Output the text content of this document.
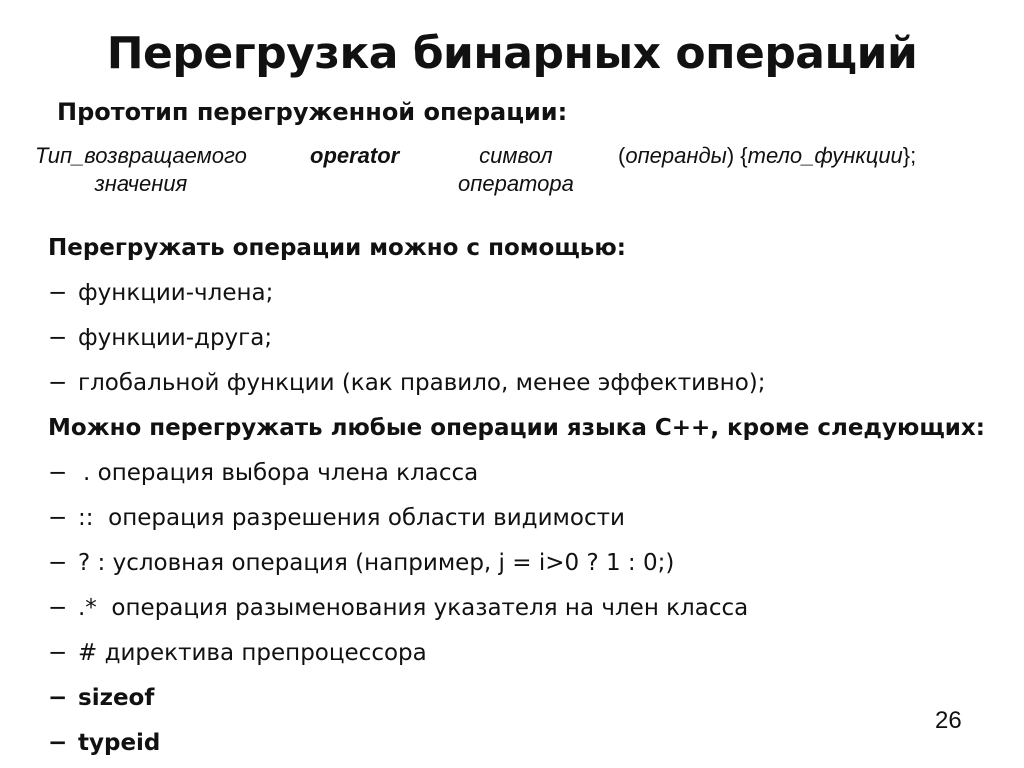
Перегрузка бинарных операций
Прототип перегруженной операции:
Тип_возвращаемого
значения
operator	символ
оператора
(операнды) {тело_функции};
Перегружать операции можно с помощью:
− функции-члена;
− функции-друга;
− глобальной функции (как правило, менее эффективно);
Можно перегружать любые операции языка С++, кроме следующих:
− . операция выбора члена класса
− ::  операция разрешения области видимости
− ? : условная операция (например, j = i>0 ? 1 : 0;)
− .*  операция разыменования указателя на член класса
− # директива препроцессора
− sizeof
− typeid
26
